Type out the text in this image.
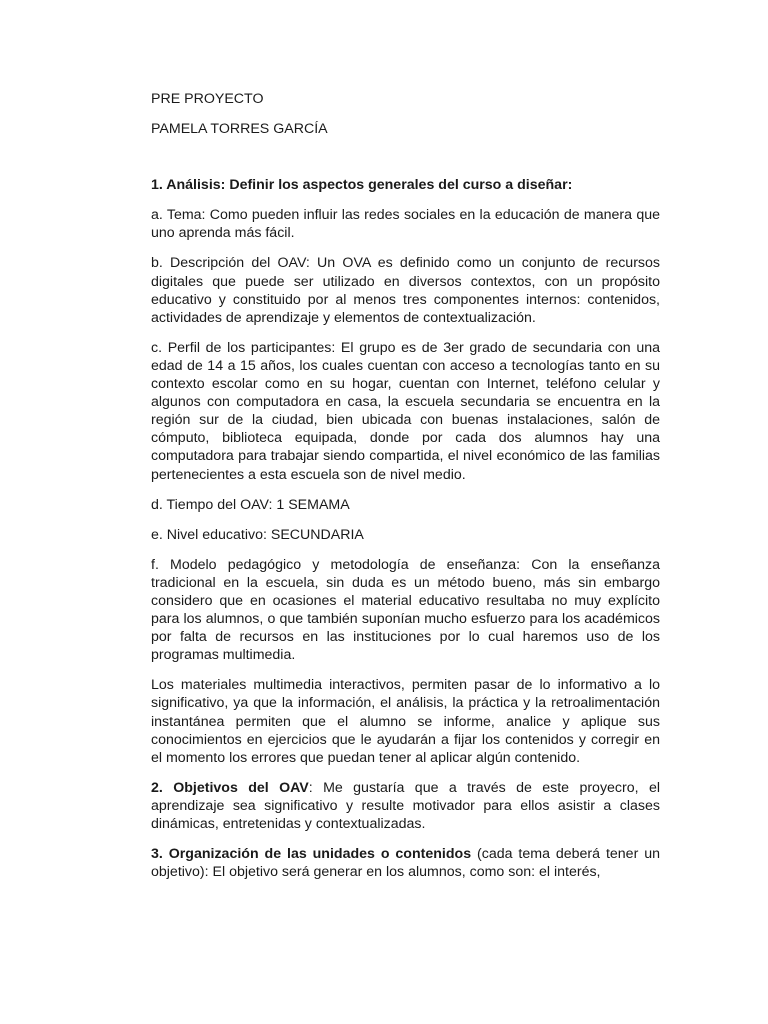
PRE PROYECTO

PAMELA TORRES GARCÍA

1. Análisis: Definir los aspectos generales del curso a diseñar:

a. Tema: Como pueden influir las redes sociales en la educación de manera que uno aprenda más fácil.

b. Descripción del OAV: Un OVA es definido como un conjunto de recursos digitales que puede ser utilizado en diversos contextos, con un propósito educativo y constituido por al menos tres componentes internos: contenidos, actividades de aprendizaje y elementos de contextualización.

c. Perfil de los participantes: El grupo es de 3er grado de secundaria con una edad de 14 a 15 años, los cuales cuentan con acceso a tecnologías tanto en su contexto escolar como en su hogar, cuentan con Internet, teléfono celular y algunos con computadora en casa, la escuela secundaria se encuentra en la región sur de la ciudad, bien ubicada con buenas instalaciones, salón de cómputo, biblioteca equipada, donde por cada dos alumnos hay una computadora para trabajar siendo compartida, el nivel económico de las familias pertenecientes a esta escuela son de nivel medio.

d. Tiempo del OAV: 1 SEMAMA

e. Nivel educativo: SECUNDARIA

f. Modelo pedagógico y metodología de enseñanza: Con la enseñanza tradicional en la escuela, sin duda es un método bueno, más sin embargo considero que en ocasiones el material educativo resultaba no muy explícito para los alumnos, o que también suponían mucho esfuerzo para los académicos por falta de recursos en las instituciones por lo cual haremos uso de los programas multimedia.

Los materiales multimedia interactivos, permiten pasar de lo informativo a lo significativo, ya que la información, el análisis, la práctica y la retroalimentación instantánea permiten que el alumno se informe, analice y aplique sus conocimientos en ejercicios que le ayudarán a fijar los contenidos y corregir en el momento los errores que puedan tener al aplicar algún contenido.

2. Objetivos del OAV: Me gustaría que a través de este proyecro, el aprendizaje sea significativo y resulte motivador para ellos asistir a clases dinámicas, entretenidas y contextualizadas.

3. Organización de las unidades o contenidos (cada tema deberá tener un objetivo): El objetivo será generar en los alumnos, como son: el interés,
